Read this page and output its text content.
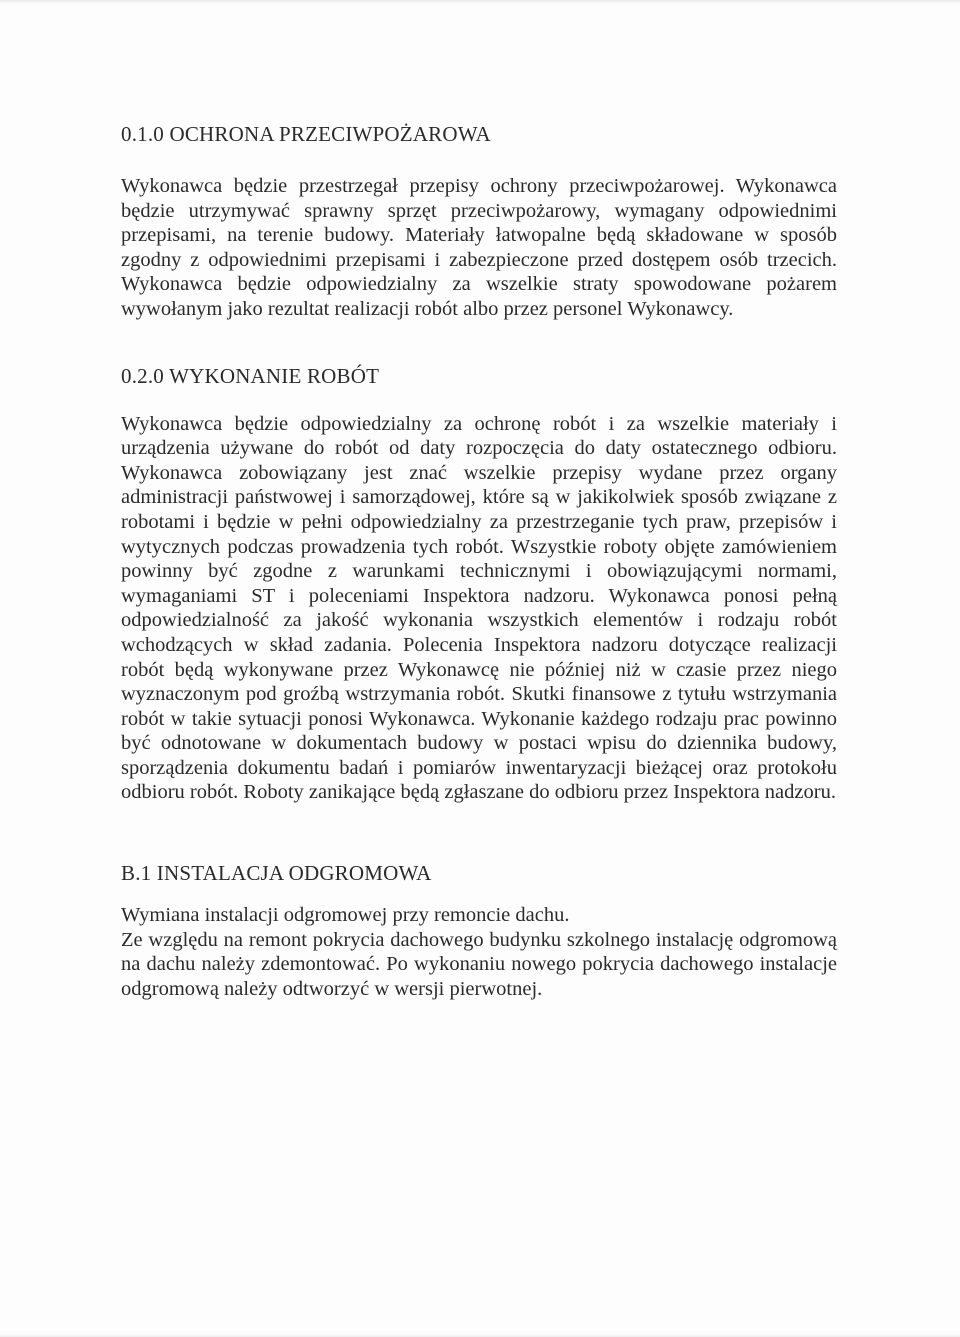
0.1.0 OCHRONA PRZECIWPOŻAROWA

Wykonawca będzie przestrzegał przepisy ochrony przeciwpożarowej. Wykonawca będzie utrzymywać sprawny sprzęt przeciwpożarowy, wymagany odpowiednimi przepisami, na terenie budowy. Materiały łatwopalne będą składowane w sposób zgodny z odpowiednimi przepisami i zabezpieczone przed dostępem osób trzecich. Wykonawca będzie odpowiedzialny za wszelkie straty spowodowane pożarem wywołanym jako rezultat realizacji robót albo przez personel Wykonawcy.

0.2.0 WYKONANIE ROBÓT

Wykonawca będzie odpowiedzialny za ochronę robót i za wszelkie materiały i urządzenia używane do robót od daty rozpoczęcia do daty ostatecznego odbioru. Wykonawca zobowiązany jest znać wszelkie przepisy wydane przez organy administracji państwowej i samorządowej, które są w jakikolwiek sposób związane z robotami i będzie w pełni odpowiedzialny za przestrzeganie tych praw, przepisów i wytycznych podczas prowadzenia tych robót. Wszystkie roboty objęte zamówieniem powinny być zgodne z warunkami technicznymi i obowiązującymi normami, wymaganiami ST i poleceniami Inspektora nadzoru. Wykonawca ponosi pełną odpowiedzialność za jakość wykonania wszystkich elementów i rodzaju robót wchodzących w skład zadania. Polecenia Inspektora nadzoru dotyczące realizacji robót będą wykonywane przez Wykonawcę nie później niż w czasie przez niego wyznaczonym pod groźbą wstrzymania robót. Skutki finansowe z tytułu wstrzymania robót w takie sytuacji ponosi Wykonawca. Wykonanie każdego rodzaju prac powinno być odnotowane w dokumentach budowy w postaci wpisu do dziennika budowy, sporządzenia dokumentu badań i pomiarów inwentaryzacji bieżącej oraz protokołu odbioru robót. Roboty zanikające będą zgłaszane do odbioru przez Inspektora nadzoru.

B.1 INSTALACJA ODGROMOWA

Wymiana instalacji odgromowej przy remoncie dachu.

Ze względu na remont pokrycia dachowego budynku szkolnego instalację odgromową na dachu należy zdemontować. Po wykonaniu nowego pokrycia dachowego instalacje odgromową należy odtworzyć w wersji pierwotnej.
